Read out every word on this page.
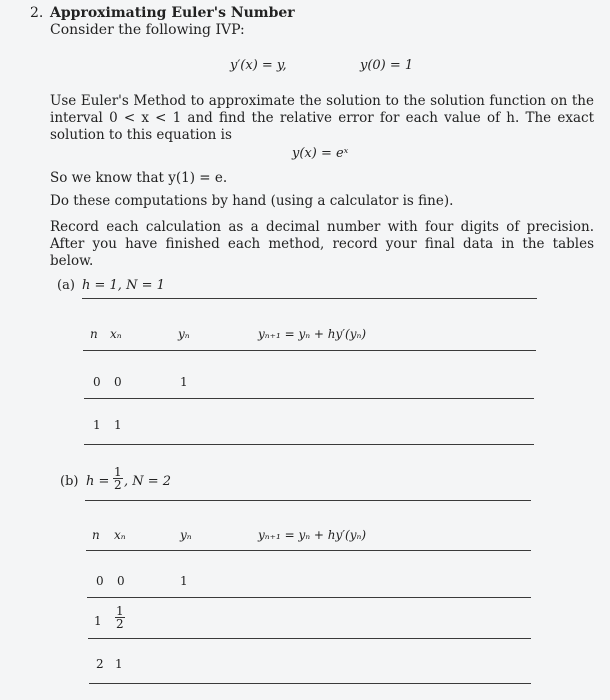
2. Approximating Euler's Number
Consider the following IVP:
y′(x) = y,	y(0) = 1
Use Euler's Method to approximate the solution to the solution function on the interval 0 < x < 1 and find the relative error for each value of h. The exact solution to this equation is
y(x) = eˣ
So we know that y(1) = e.
Do these computations by hand (using a calculator is fine).
Record each calculation as a decimal number with four digits of precision. After you have finished each method, record your final data in the tables below.
(a) h = 1, N = 1
n xₙ	yₙ	yₙ₊₁ = yₙ + hy′(yₙ)
0 0	1
1 1
(b) $h = \frac{1}{2}$ , N = 2
n xₙ	yₙ	yₙ₊₁ = yₙ + hy′(yₙ)
0 0	1
$1 \frac{1}{2}$
2 1
